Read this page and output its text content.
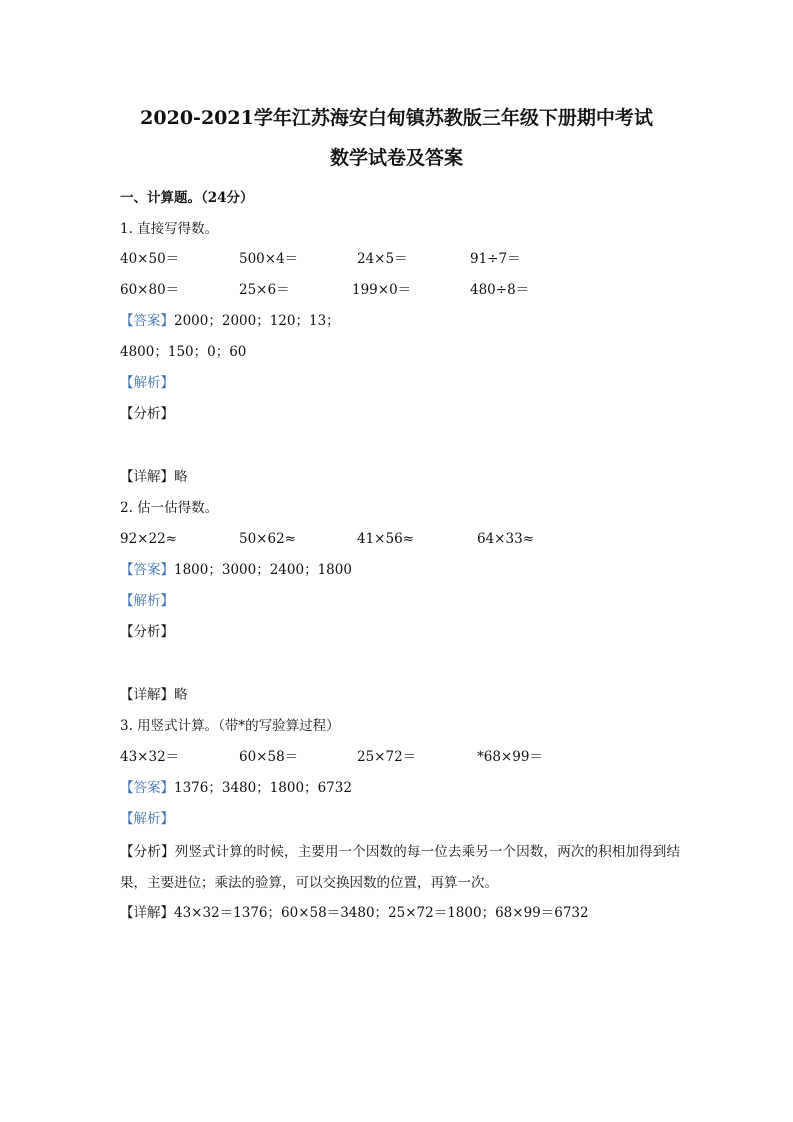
2020-2021学年江苏海安白甸镇苏教版三年级下册期中考试
数学试卷及答案
一、计算题。（24分）
1. 直接写得数。
40×50＝	500×4＝	24×5＝	91÷7＝
60×80＝	25×6＝	199×0＝	480÷8＝
【答案】2000；2000；120；13；
4800；150；0；60
【解析】
【分析】
【详解】略
2. 估一估得数。
92×22≈	50×62≈	41×56≈	64×33≈
【答案】1800；3000；2400；1800
【解析】
【分析】
【详解】略
3. 用竖式计算。（带*的写验算过程）
43×32＝	60×58＝	25×72＝	*68×99＝
【答案】1376；3480；1800；6732
【解析】
【分析】列竖式计算的时候，主要用一个因数的每一位去乘另一个因数，两次的积相加得到结果，主要进位；乘法的验算，可以交换因数的位置，再算一次。
【详解】43×32＝1376；60×58＝3480；25×72＝1800；68×99＝6732
